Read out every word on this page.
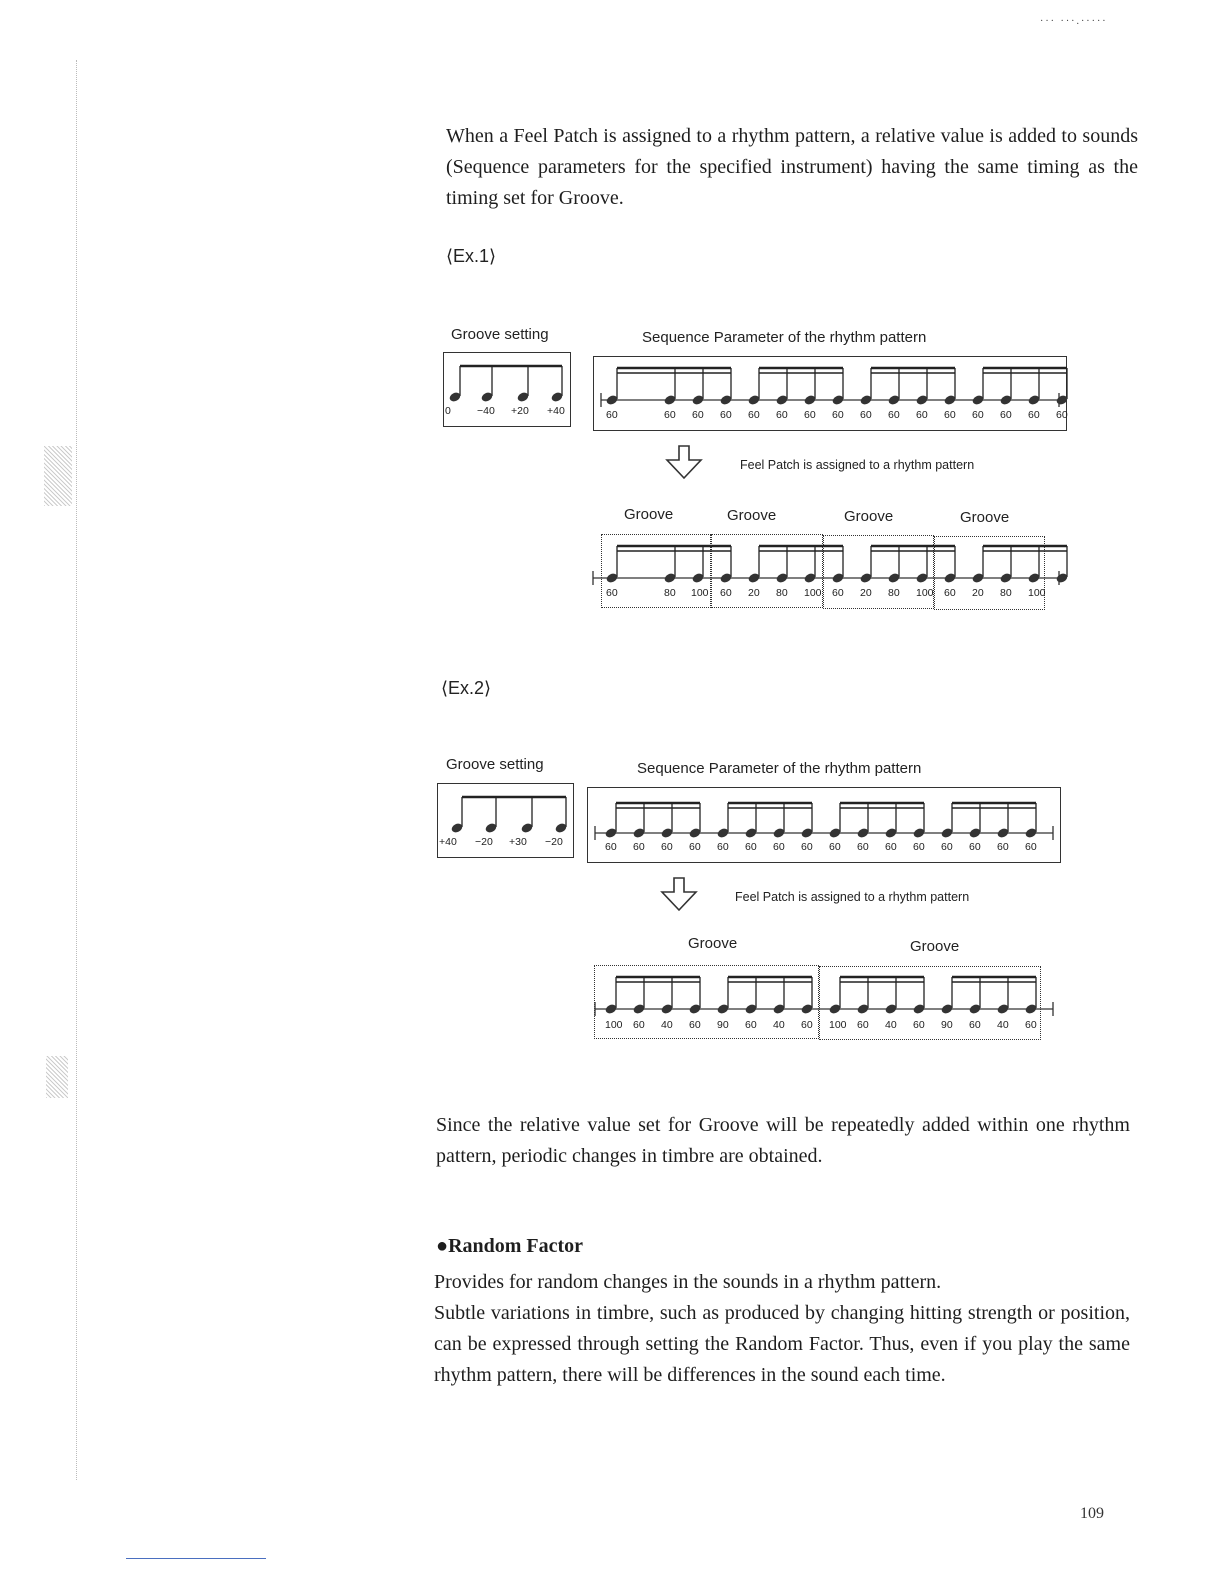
··· ···.·····

When a Feel Patch is assigned to a rhythm pattern, a relative value is added to sounds (Sequence parameters for the specified instrument) having the same timing as the timing set for Groove.

⟨Ex.1⟩
Groove setting	Sequence Parameter of the rhythm pattern
0 −40 +20 +40	60	60 60 60 60 60 60 60 60 60 60 60 60 60 60 60
Feel Patch is assigned to a rhythm pattern
Groove	Groove	Groove	Groove
60	80 100 60 20 80 100 60 20 80 100 60 20 80 100
⟨Ex.2⟩
Groove setting	Sequence Parameter of the rhythm pattern
+40 −20 +30 −20	60 60 60 60 60 60 60 60 60 60 60 60 60 60 60 60
Feel Patch is assigned to a rhythm pattern
Groove	Groove
100 60 40 60 90 60 40 60 100 60 40 60 90 60 40 60

Since the relative value set for Groove will be repeatedly added within one rhythm pattern, periodic changes in timbre are obtained.

●Random Factor

Provides for random changes in the sounds in a rhythm pattern.

Subtle variations in timbre, such as produced by changing hitting strength or position, can be expressed through setting the Random Factor. Thus, even if you play the same rhythm pattern, there will be differences in the sound each time.

109
